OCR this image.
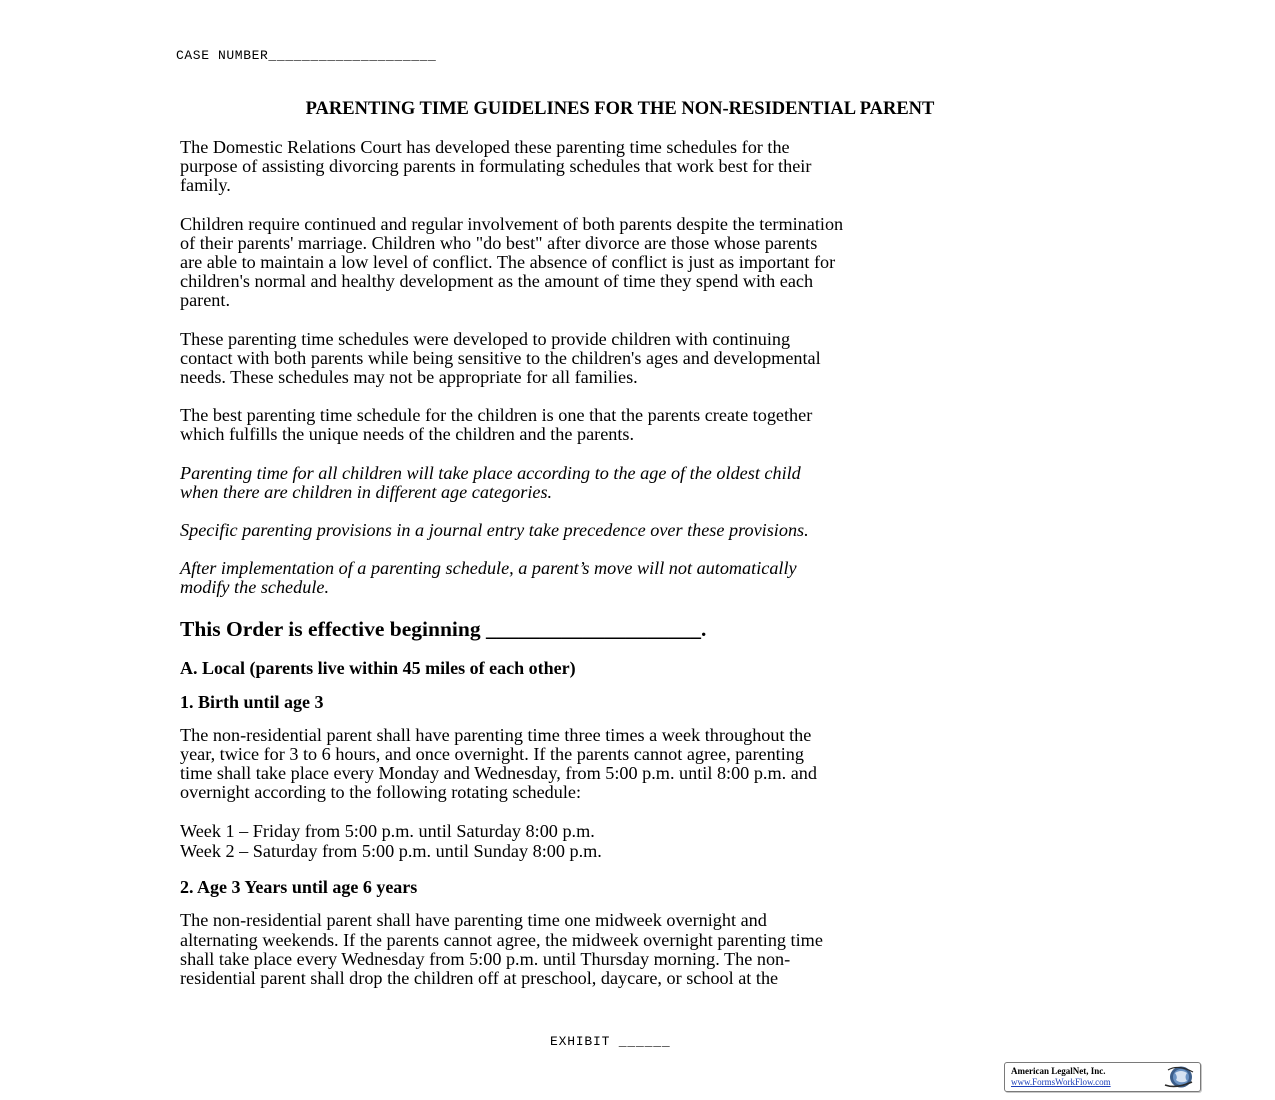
CASE NUMBER____________________
PARENTING TIME GUIDELINES FOR THE NON-RESIDENTIAL PARENT

The Domestic Relations Court has developed these parenting time schedules for the
purpose of assisting divorcing parents in formulating schedules that work best for their
family.

Children require continued and regular involvement of both parents despite the termination
of their parents' marriage. Children who "do best" after divorce are those whose parents
are able to maintain a low level of conflict. The absence of conflict is just as important for
children's normal and healthy development as the amount of time they spend with each
parent.

These parenting time schedules were developed to provide children with continuing
contact with both parents while being sensitive to the children's ages and developmental
needs. These schedules may not be appropriate for all families.

The best parenting time schedule for the children is one that the parents create together
which fulfills the unique needs of the children and the parents.

Parenting time for all children will take place according to the age of the oldest child
when there are children in different age categories.

Specific parenting provisions in a journal entry take precedence over these provisions.

After implementation of a parenting schedule, a parent’s move will not automatically
modify the schedule.

This Order is effective beginning ____________________.
A. Local (parents live within 45 miles of each other)
1. Birth until age 3

The non-residential parent shall have parenting time three times a week throughout the
year, twice for 3 to 6 hours, and once overnight. If the parents cannot agree, parenting
time shall take place every Monday and Wednesday, from 5:00 p.m. until 8:00 p.m. and
overnight according to the following rotating schedule:

Week 1 – Friday from 5:00 p.m. until Saturday 8:00 p.m.
Week 2 – Saturday from 5:00 p.m. until Sunday 8:00 p.m.
2. Age 3 Years until age 6 years

The non-residential parent shall have parenting time one midweek overnight and
alternating weekends. If the parents cannot agree, the midweek overnight parenting time
shall take place every Wednesday from 5:00 p.m. until Thursday morning. The non-
residential parent shall drop the children off at preschool, daycare, or school at the

EXHIBIT ______
American LegalNet, Inc.
www.FormsWorkFlow.com
